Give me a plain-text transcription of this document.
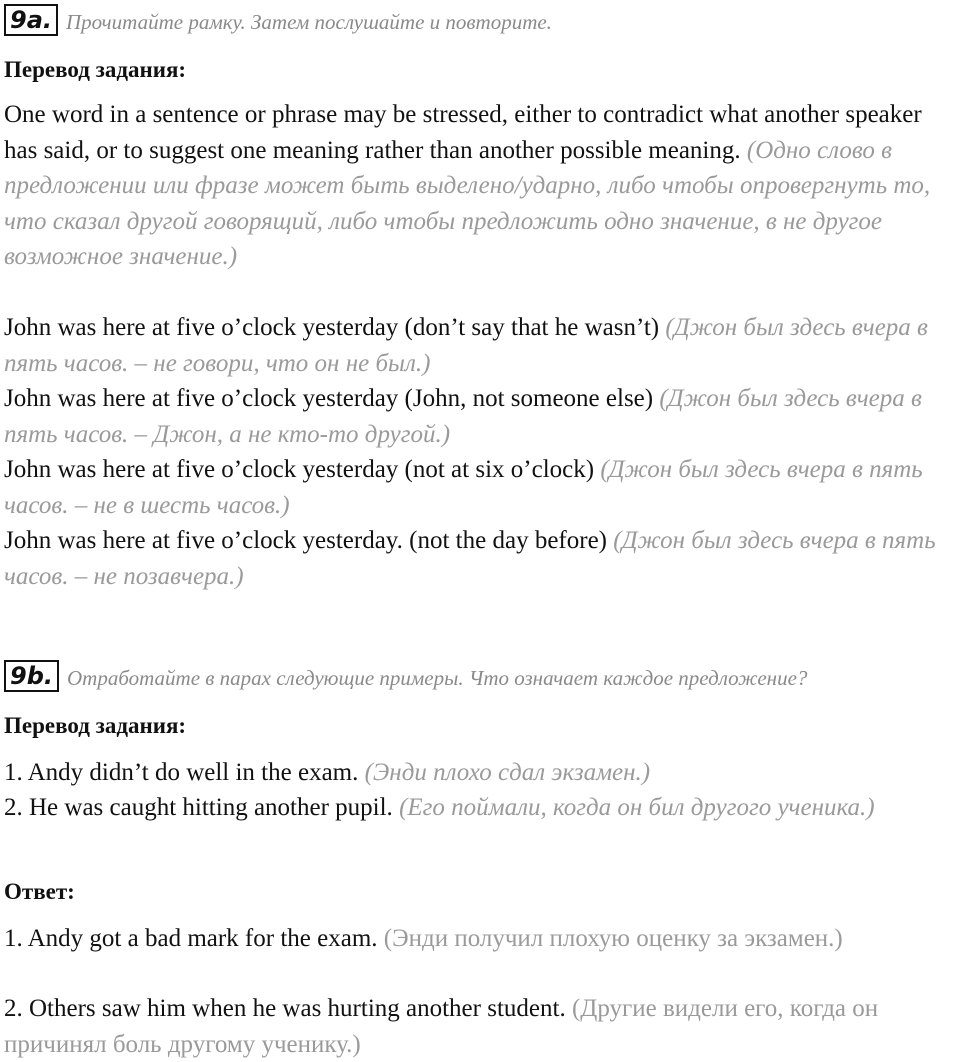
9a. Прочитайте рамку. Затем послушайте и повторите.

Перевод задания:

One word in a sentence or phrase may be stressed, either to contradict what another speaker has said, or to suggest one meaning rather than another possible meaning. (Одно слово в предложении или фразе может быть выделено/ударно, либо чтобы опровергнуть то, что сказал другой говорящий, либо чтобы предложить одно значение, в не другое возможное значение.)

John was here at five o’clock yesterday (don’t say that he wasn’t) (Джон был здесь вчера в пять часов. – не говори, что он не был.)

John was here at five o’clock yesterday (John, not someone else) (Джон был здесь вчера в пять часов. – Джон, а не кто-то другой.)

John was here at five o’clock yesterday (not at six o’clock) (Джон был здесь вчера в пять часов. – не в шесть часов.)

John was here at five o’clock yesterday. (not the day before) (Джон был здесь вчера в пять часов. – не позавчера.)

9b. Отработайте в парах следующие примеры. Что означает каждое предложение?

Перевод задания:

1. Andy didn’t do well in the exam. (Энди плохо сдал экзамен.)

2. He was caught hitting another pupil. (Его поймали, когда он бил другого ученика.)

Ответ:

1. Andy got a bad mark for the exam. (Энди получил плохую оценку за экзамен.)

2. Others saw him when he was hurting another student. (Другие видели его, когда он причинял боль другому ученику.)
